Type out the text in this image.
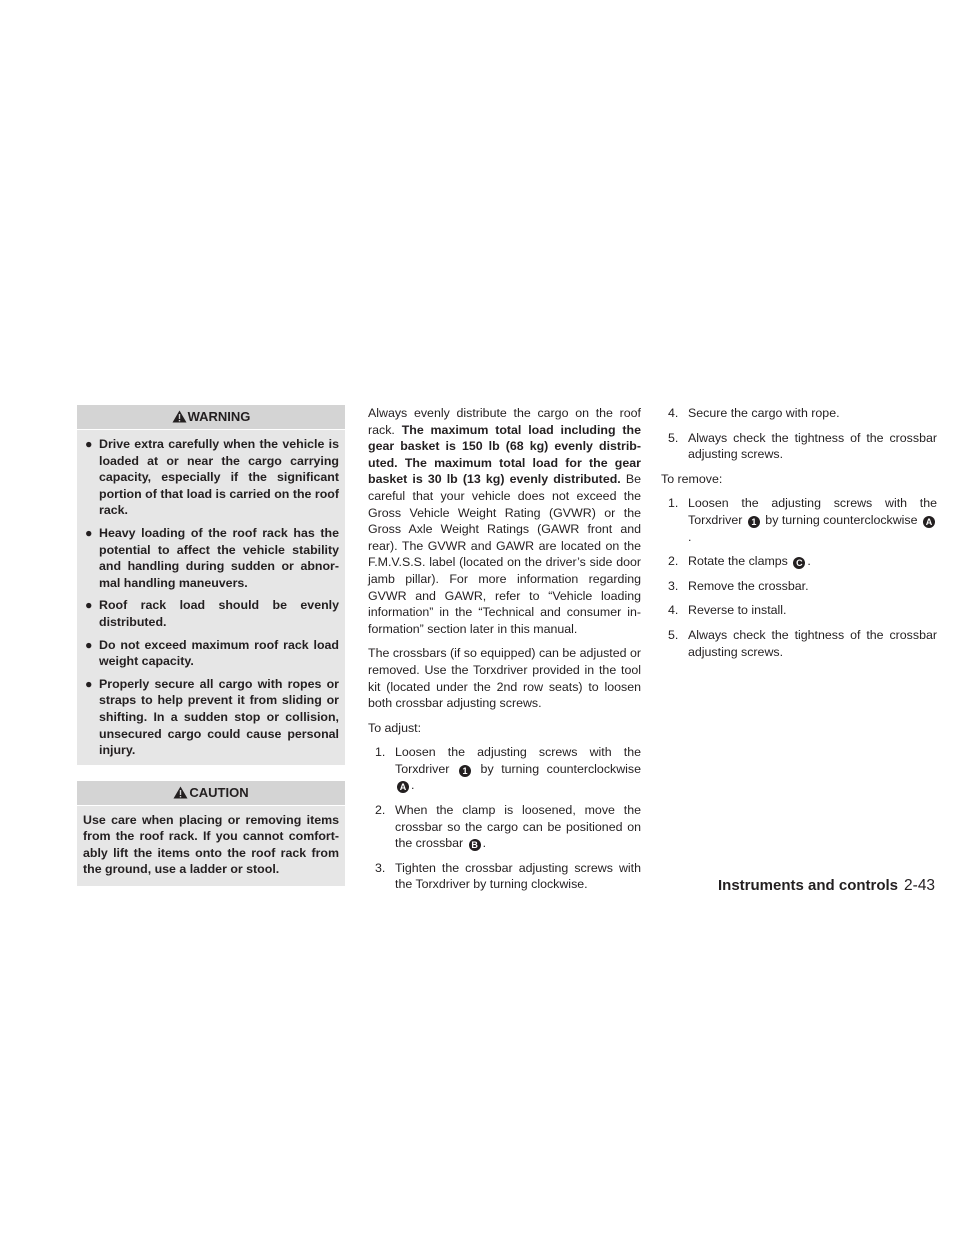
WARNING
● Drive extra carefully when the vehicle is loaded at or near the cargo carrying capacity, especially if the significant portion of that load is carried on the roof rack.
● Heavy loading of the roof rack has the potential to affect the vehicle stability and handling during sudden or abnor-mal handling maneuvers.
● Roof rack load should be evenly distributed.
● Do not exceed maximum roof rack load weight capacity.
● Properly secure all cargo with ropes or straps to help prevent it from sliding or shifting. In a sudden stop or collision, unsecured cargo could cause personal injury.
CAUTION
Use care when placing or removing items from the roof rack. If you cannot comfort-ably lift the items onto the roof rack from the ground, use a ladder or stool.

Always evenly distribute the cargo on the roof rack. The maximum total load including the gear basket is 150 lb (68 kg) evenly distrib-uted. The maximum total load for the gear basket is 30 lb (13 kg) evenly distributed. Be careful that your vehicle does not exceed the Gross Vehicle Weight Rating (GVWR) or the Gross Axle Weight Ratings (GAWR front and rear). The GVWR and GAWR are located on the F.M.V.S.S. label (located on the driver’s side door jamb pillar). For more information regarding GVWR and GAWR, refer to “Vehicle loading information” in the “Technical and consumer in-formation” section later in this manual.

The crossbars (if so equipped) can be adjusted or removed. Use the Torxdriver provided in the tool kit (located under the 2nd row seats) to loosen both crossbar adjusting screws.

To adjust:

1. Loosen the adjusting screws with the Torxdriver 1 by turning counterclockwise A .
2. When the clamp is loosened, move the crossbar so the cargo can be positioned on the crossbar B .
3. Tighten the crossbar adjusting screws with the Torxdriver by turning clockwise.
4. Secure the cargo with rope.
5. Always check the tightness of the crossbar adjusting screws.

To remove:

1. Loosen the adjusting screws with the Torxdriver 1 by turning counterclockwise A.
2. Rotate the clamps C .
3. Remove the crossbar.
4. Reverse to install.
5. Always check the tightness of the crossbar adjusting screws.
Instruments and controls 2-43
